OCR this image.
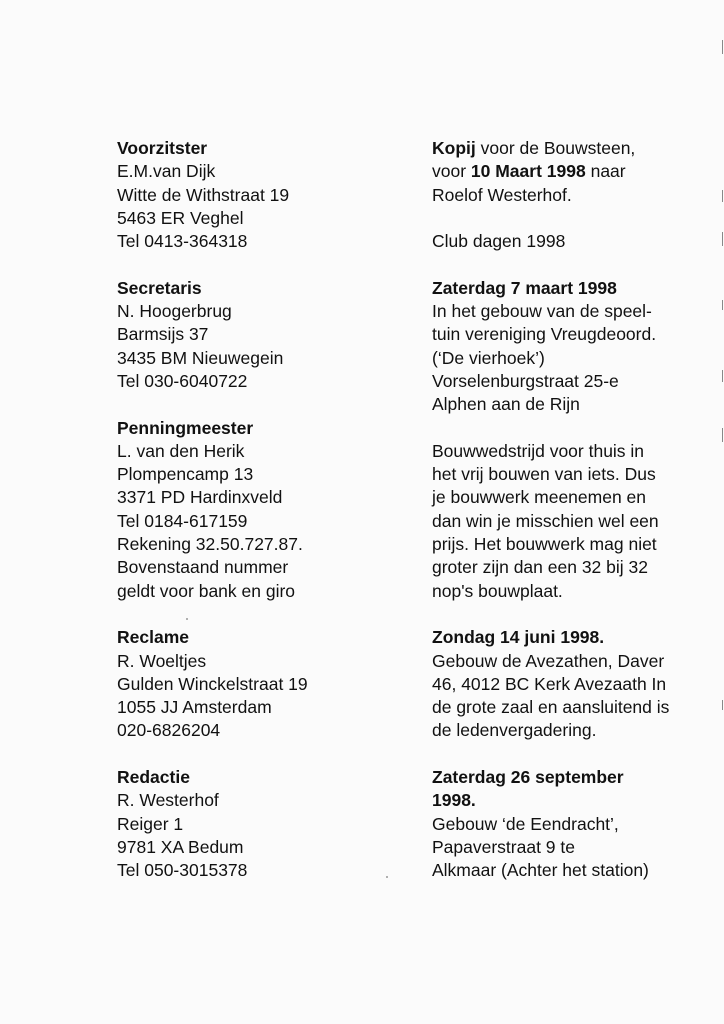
Voorzitster
E.M.van Dijk
Witte de Withstraat 19
5463 ER Veghel
Tel 0413-364318
Secretaris
N. Hoogerbrug
Barmsijs 37
3435 BM Nieuwegein
Tel 030-6040722
Penningmeester
L. van den Herik
Plompencamp 13
3371 PD Hardinxveld
Tel 0184-617159
Rekening 32.50.727.87.
Bovenstaand nummer
geldt voor bank en giro
Reclame
R. Woeltjes
Gulden Winckelstraat 19
1055 JJ Amsterdam
020-6826204
Redactie
R. Westerhof
Reiger 1
9781 XA Bedum
Tel 050-3015378
Kopij voor de Bouwsteen,
voor 10 Maart 1998 naar
Roelof Westerhof.
Club dagen 1998
Zaterdag 7 maart 1998
In het gebouw van de speel-
tuin vereniging Vreugdeoord.
(‘De vierhoek’)
Vorselenburgstraat 25-e
Alphen aan de Rijn
Bouwwedstrijd voor thuis in
het vrij bouwen van iets. Dus
je bouwwerk meenemen en
dan win je misschien wel een
prijs. Het bouwwerk mag niet
groter zijn dan een 32 bij 32
nop's bouwplaat.
Zondag 14 juni 1998.
Gebouw de Avezathen, Daver
46, 4012 BC Kerk Avezaath In
de grote zaal en aansluitend is
de ledenvergadering.
Zaterdag 26 september
1998.
Gebouw ‘de Eendracht’,
Papaverstraat 9 te
Alkmaar (Achter het station)
